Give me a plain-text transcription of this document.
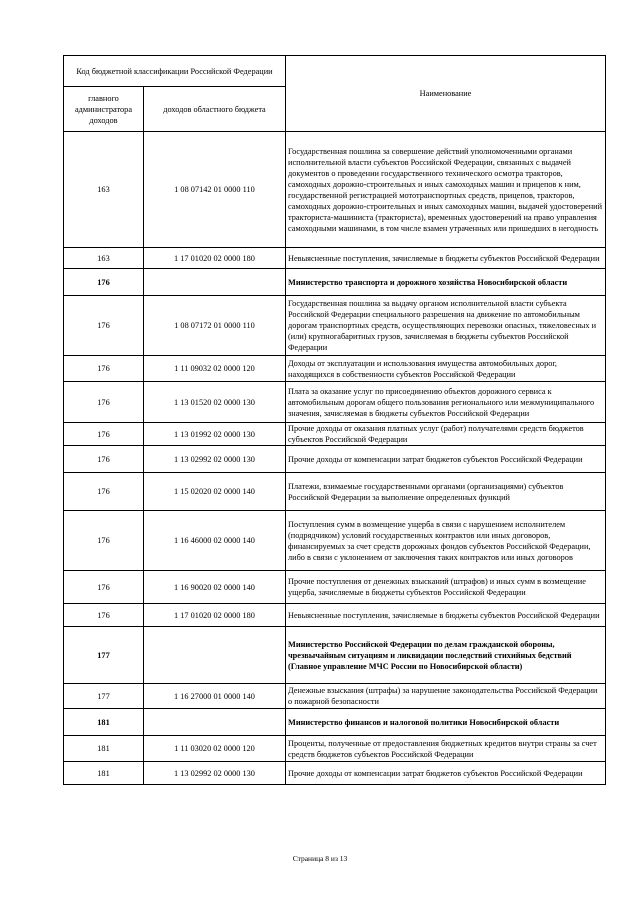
Код бюджетной классификации Российской Федерации		Наименование
главного администратора доходов	доходов областного бюджета	
163	1 08 07142 01 0000 110	Государственная пошлина за совершение действий уполномоченными органами исполнительной власти субъектов Российской Федерации, связанных с выдачей документов о проведении государственного технического осмотра тракторов, самоходных дорожно-строительных и иных самоходных машин и прицепов к ним, государственной регистрацией мототранспортных средств, прицепов, тракторов, самоходных дорожно-строительных и иных самоходных машин, выдачей удостоверений тракториста-машиниста (тракториста), временных удостоверений на право управления самоходными машинами, в том числе взамен утраченных или пришедших в негодность
163	1 17 01020 02 0000 180	Невыясненные поступления, зачисляемые в бюджеты субъектов Российской Федерации
176		Министерство транспорта и дорожного хозяйства Новосибирской области
176	1 08 07172 01 0000 110	Государственная пошлина за выдачу органом исполнительной власти субъекта Российской Федерации специального разрешения на движение по автомобильным дорогам транспортных средств, осуществляющих перевозки опасных, тяжеловесных и (или) крупногабаритных грузов, зачисляемая в бюджеты субъектов Российской Федерации
176	1 11 09032 02 0000 120	Доходы от эксплуатации и использования имущества автомобильных дорог, находящихся в собственности субъектов Российской Федерации
176	1 13 01520 02 0000 130	Плата за оказание услуг по присоединению объектов дорожного сервиса к автомобильным дорогам общего пользования регионального или межмуниципального значения, зачисляемая в бюджеты субъектов Российской Федерации
176	1 13 01992 02 0000 130	Прочие доходы от оказания платных услуг (работ) получателями средств бюджетов субъектов Российской Федерации
176	1 13 02992 02 0000 130	Прочие доходы от компенсации затрат бюджетов субъектов Российской Федерации
176	1 15 02020 02 0000 140	Платежи, взимаемые государственными органами (организациями) субъектов Российской Федерации за выполнение определенных функций
176	1 16 46000 02 0000 140	Поступления сумм в возмещение ущерба в связи с нарушением исполнителем (подрядчиком) условий государственных контрактов или иных договоров, финансируемых за счет средств дорожных фондов субъектов Российской Федерации, либо в связи с уклонением от заключения таких контрактов или иных договоров
176	1 16 90020 02 0000 140	Прочие поступления от денежных взысканий (штрафов) и иных сумм в возмещение ущерба, зачисляемые в бюджеты субъектов Российской Федерации
176	1 17 01020 02 0000 180	Невыясненные поступления, зачисляемые в бюджеты субъектов Российской Федерации
177		Министерство Российской Федерации по делам гражданской обороны, чрезвычайным ситуациям и ликвидации последствий стихийных бедствий (Главное управление МЧС России по Новосибирской области)
177	1 16 27000 01 0000 140	Денежные взыскания (штрафы) за нарушение законодательства Российской Федерации о пожарной безопасности
181		Министерство финансов и налоговой политики Новосибирской области
181	1 11 03020 02 0000 120	Проценты, полученные от предоставления бюджетных кредитов внутри страны за счет средств бюджетов субъектов Российской Федерации
181	1 13 02992 02 0000 130	Прочие доходы от компенсации затрат бюджетов субъектов Российской Федерации
Страница 8 из 13
